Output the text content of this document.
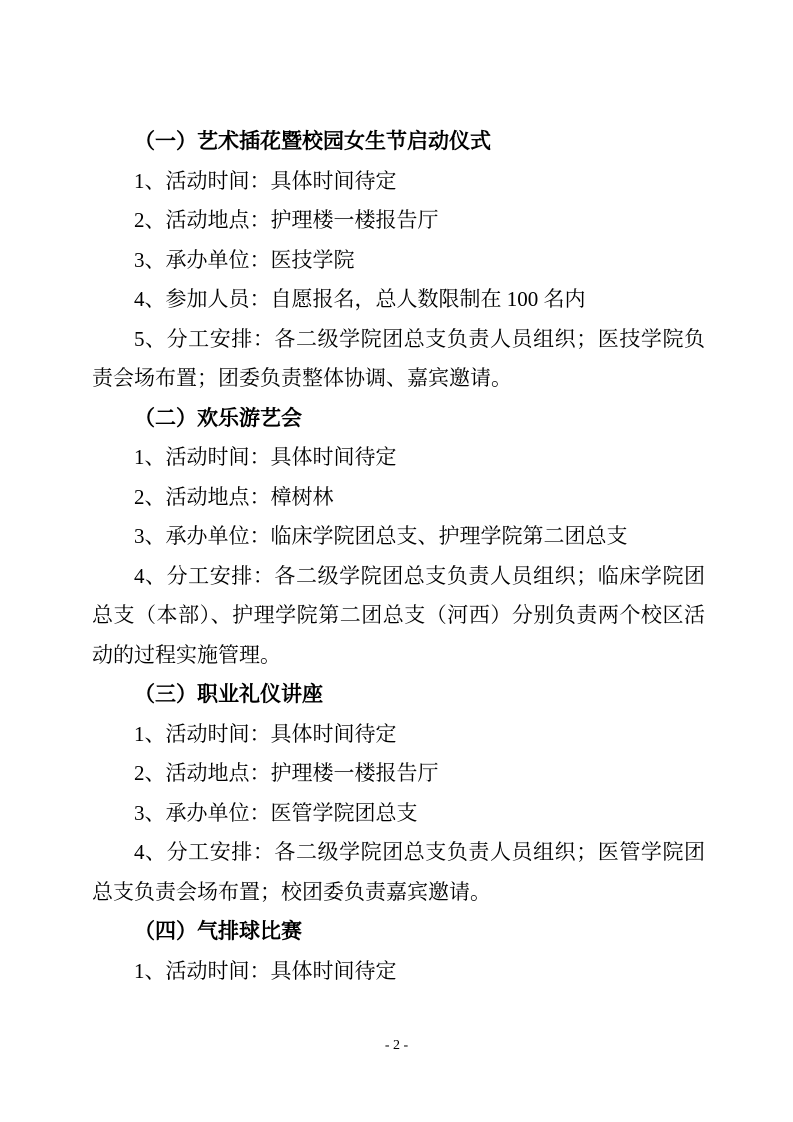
（一）艺术插花暨校园女生节启动仪式

1、活动时间：具体时间待定

2、活动地点：护理楼一楼报告厅

3、承办单位：医技学院

4、参加人员：自愿报名，总人数限制在 100 名内

5、分工安排：各二级学院团总支负责人员组织；医技学院负责会场布置；团委负责整体协调、嘉宾邀请。

（二）欢乐游艺会

1、活动时间：具体时间待定

2、活动地点：樟树林

3、承办单位：临床学院团总支、护理学院第二团总支

4、分工安排：各二级学院团总支负责人员组织；临床学院团总支（本部）、护理学院第二团总支（河西）分别负责两个校区活动的过程实施管理。

（三）职业礼仪讲座

1、活动时间：具体时间待定

2、活动地点：护理楼一楼报告厅

3、承办单位：医管学院团总支

4、分工安排：各二级学院团总支负责人员组织；医管学院团总支负责会场布置；校团委负责嘉宾邀请。

（四）气排球比赛

1、活动时间：具体时间待定

- 2 -
